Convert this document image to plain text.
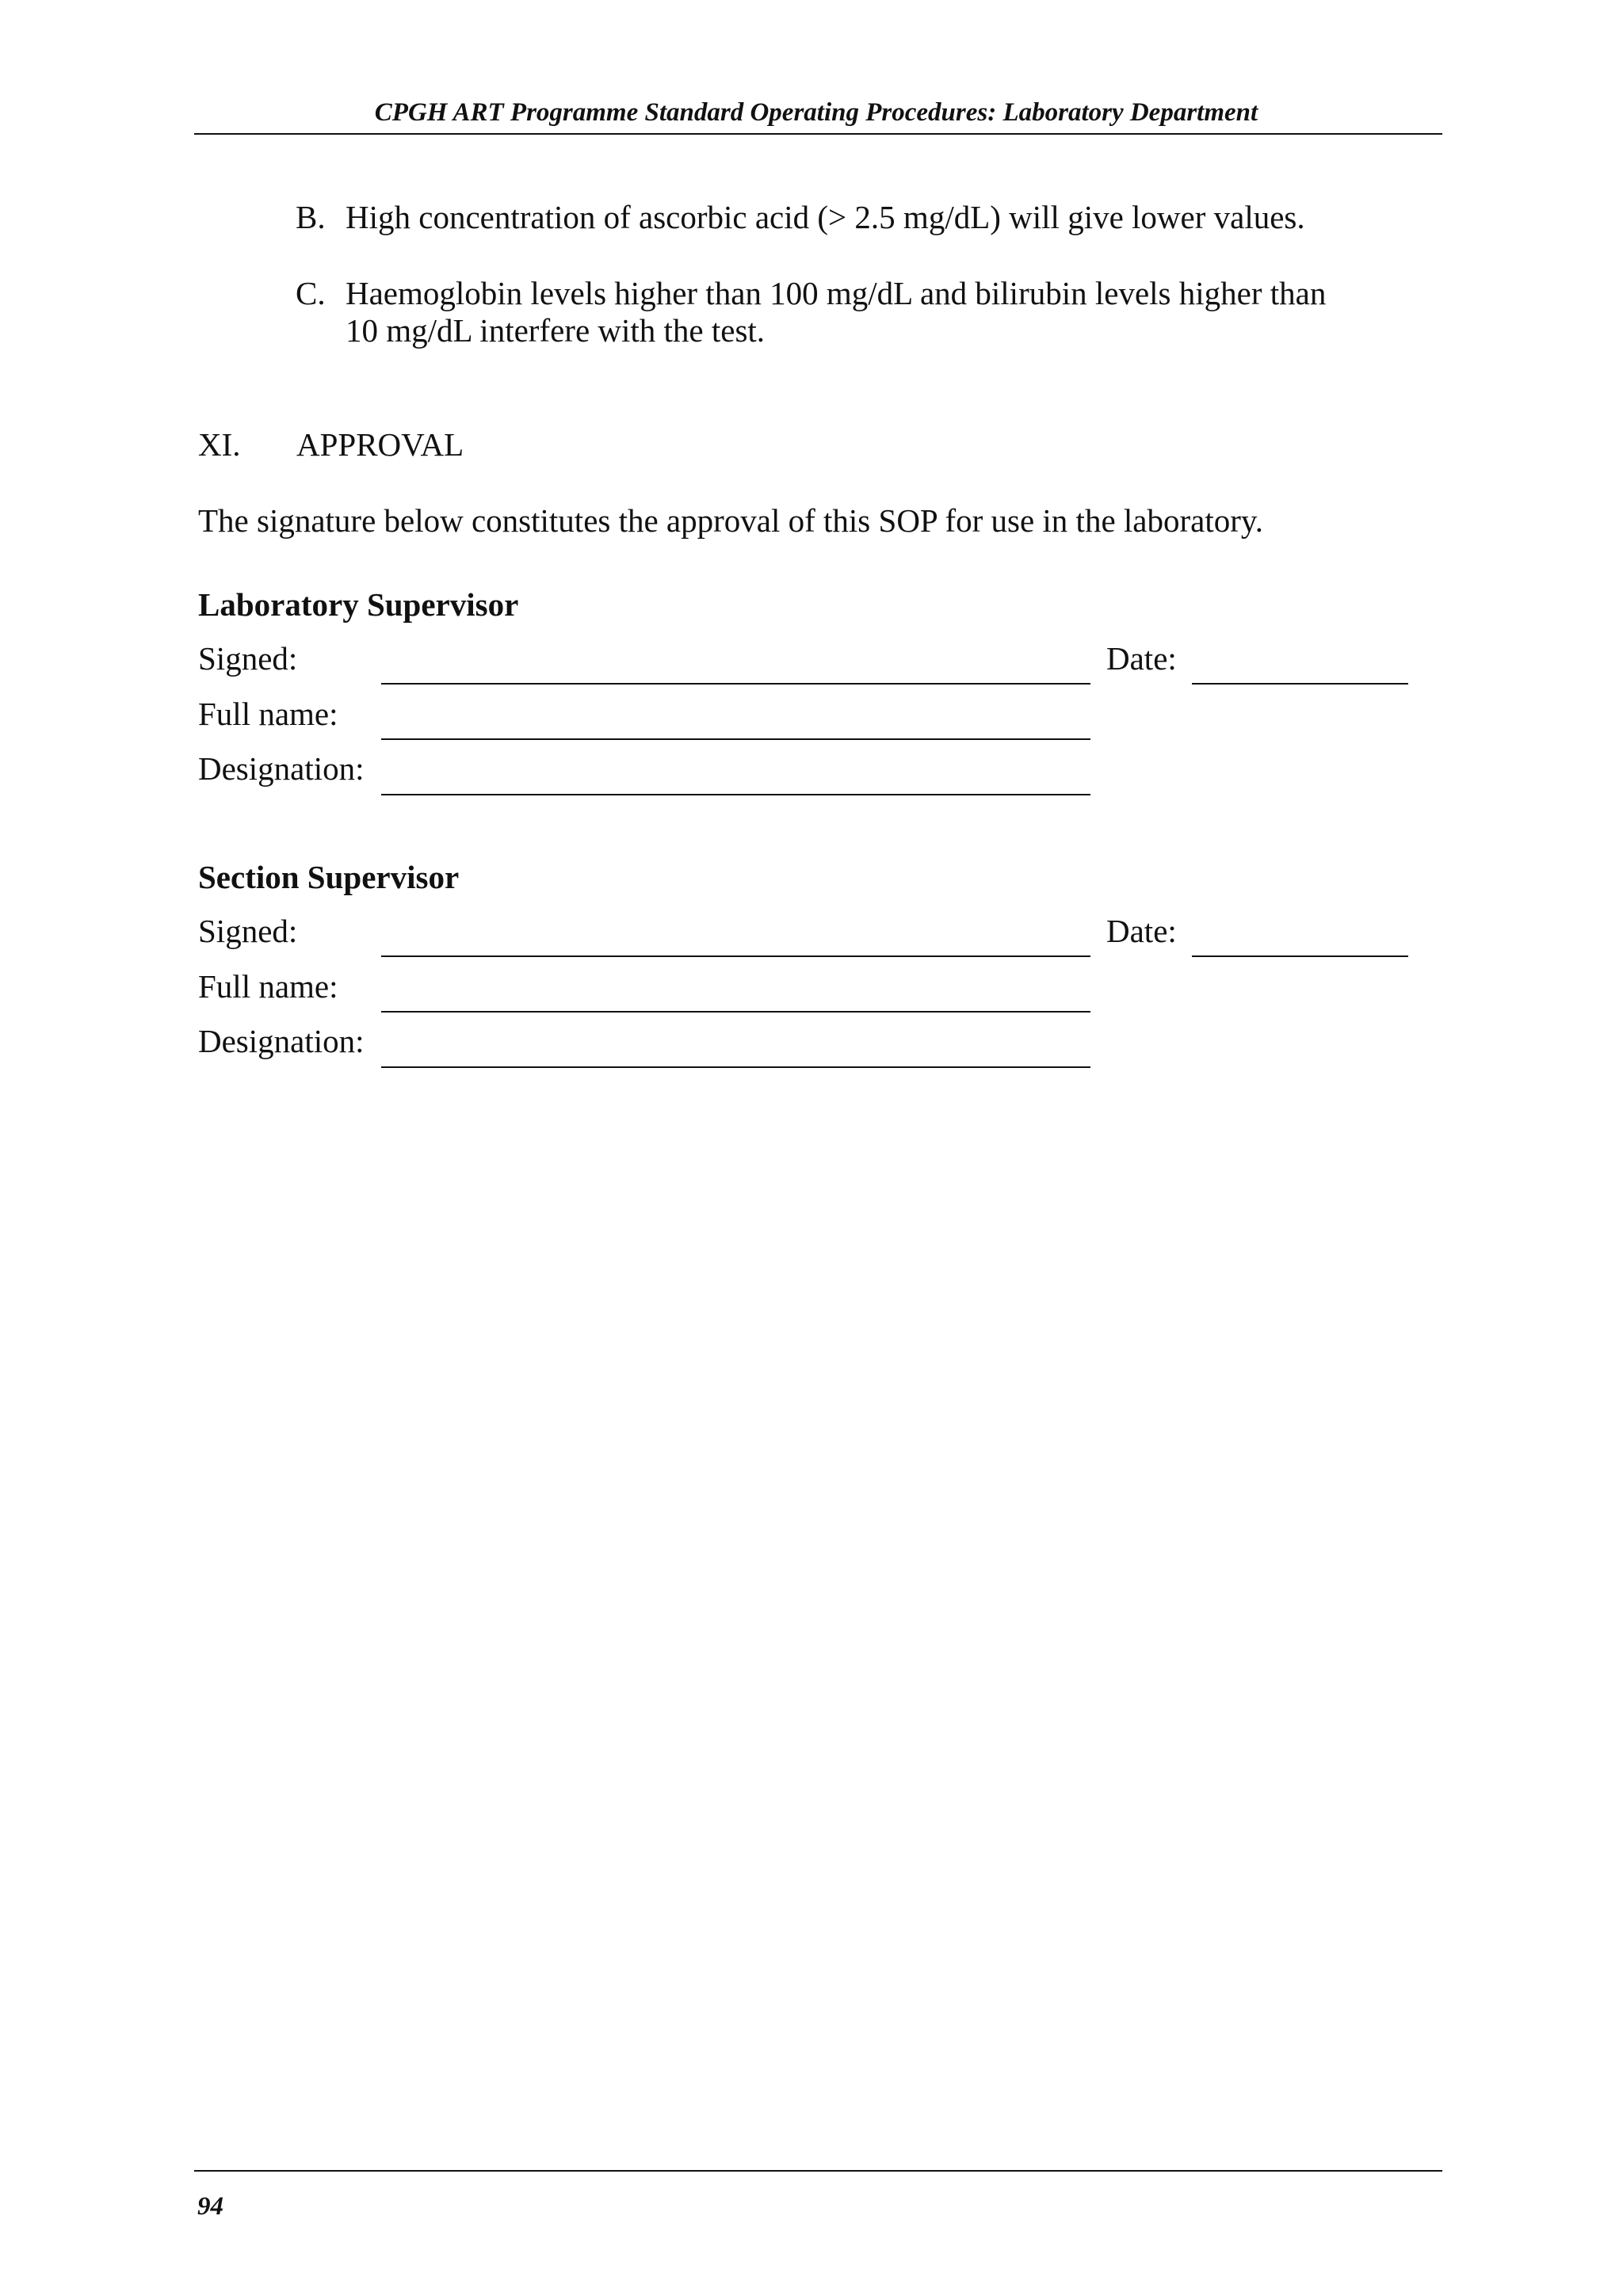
CPGH ART Programme Standard Operating Procedures: Laboratory Department
B. High concentration of ascorbic acid (> 2.5 mg/dL) will give lower values.
C. Haemoglobin levels higher than 100 mg/dL and bilirubin levels higher than
10 mg/dL interfere with the test.
XI. APPROVAL
The signature below constitutes the approval of this SOP for use in the laboratory.
Laboratory Supervisor
Signed:	Date:
Full name:
Designation:
Section Supervisor
Signed:	Date:
Full name:
Designation:
94
